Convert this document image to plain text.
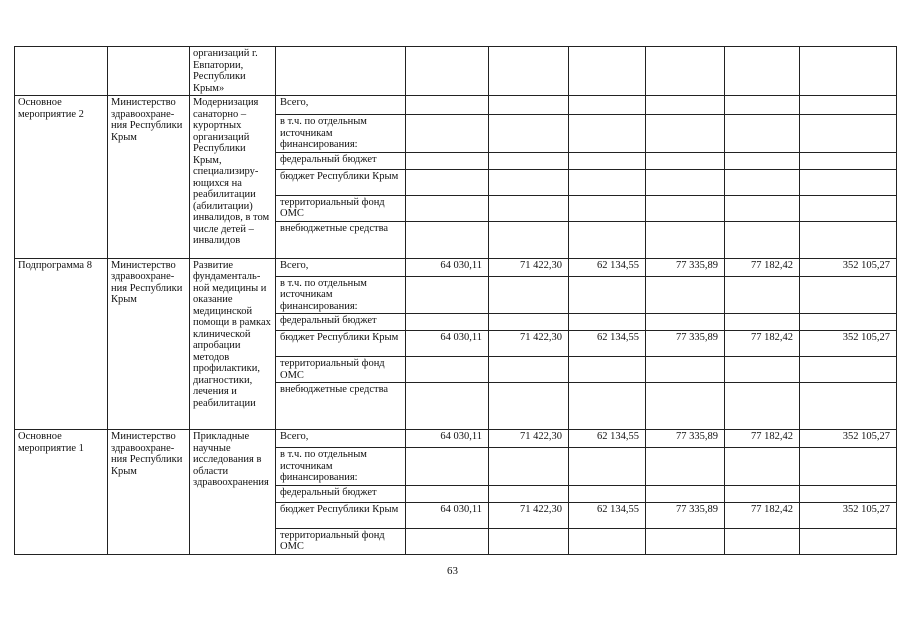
		организаций г. Евпатории, Республики Крым»							
Основное мероприятие 2	Министерство здравоохране- ния Республики Крым	Модернизация санаторно – курортных организаций Республики Крым, специализиру- ющихся на реабилитации (абилитации) инвалидов, в том числе детей – инвалидов	Всего,						
			в т.ч. по отдельным источникам финансирования:						
			федеральный бюджет						
			бюджет Республики Крым						
			территориальный фонд ОМС						
			внебюджетные средства						
Подпрограмма 8	Министерство здравоохране- ния Республики Крым	Развитие фундаменталь- ной медицины и оказание медицинской помощи в рамках клинической апробации методов профилактики, диагностики, лечения и реабилитации	Всего,	64 030,11	71 422,30	62 134,55	77 335,89	77 182,42	352 105,27
			в т.ч. по отдельным источникам финансирования:						
			федеральный бюджет						
			бюджет Республики Крым	64 030,11	71 422,30	62 134,55	77 335,89	77 182,42	352 105,27
			территориальный фонд ОМС						
			внебюджетные средства						
Основное мероприятие 1	Министерство здравоохране- ния Республики Крым	Прикладные научные исследования в области здравоохранения	Всего,	64 030,11	71 422,30	62 134,55	77 335,89	77 182,42	352 105,27
			в т.ч. по отдельным источникам финансирования:						
			федеральный бюджет						
			бюджет Республики Крым	64 030,11	71 422,30	62 134,55	77 335,89	77 182,42	352 105,27
			территориальный фонд ОМС						
63
